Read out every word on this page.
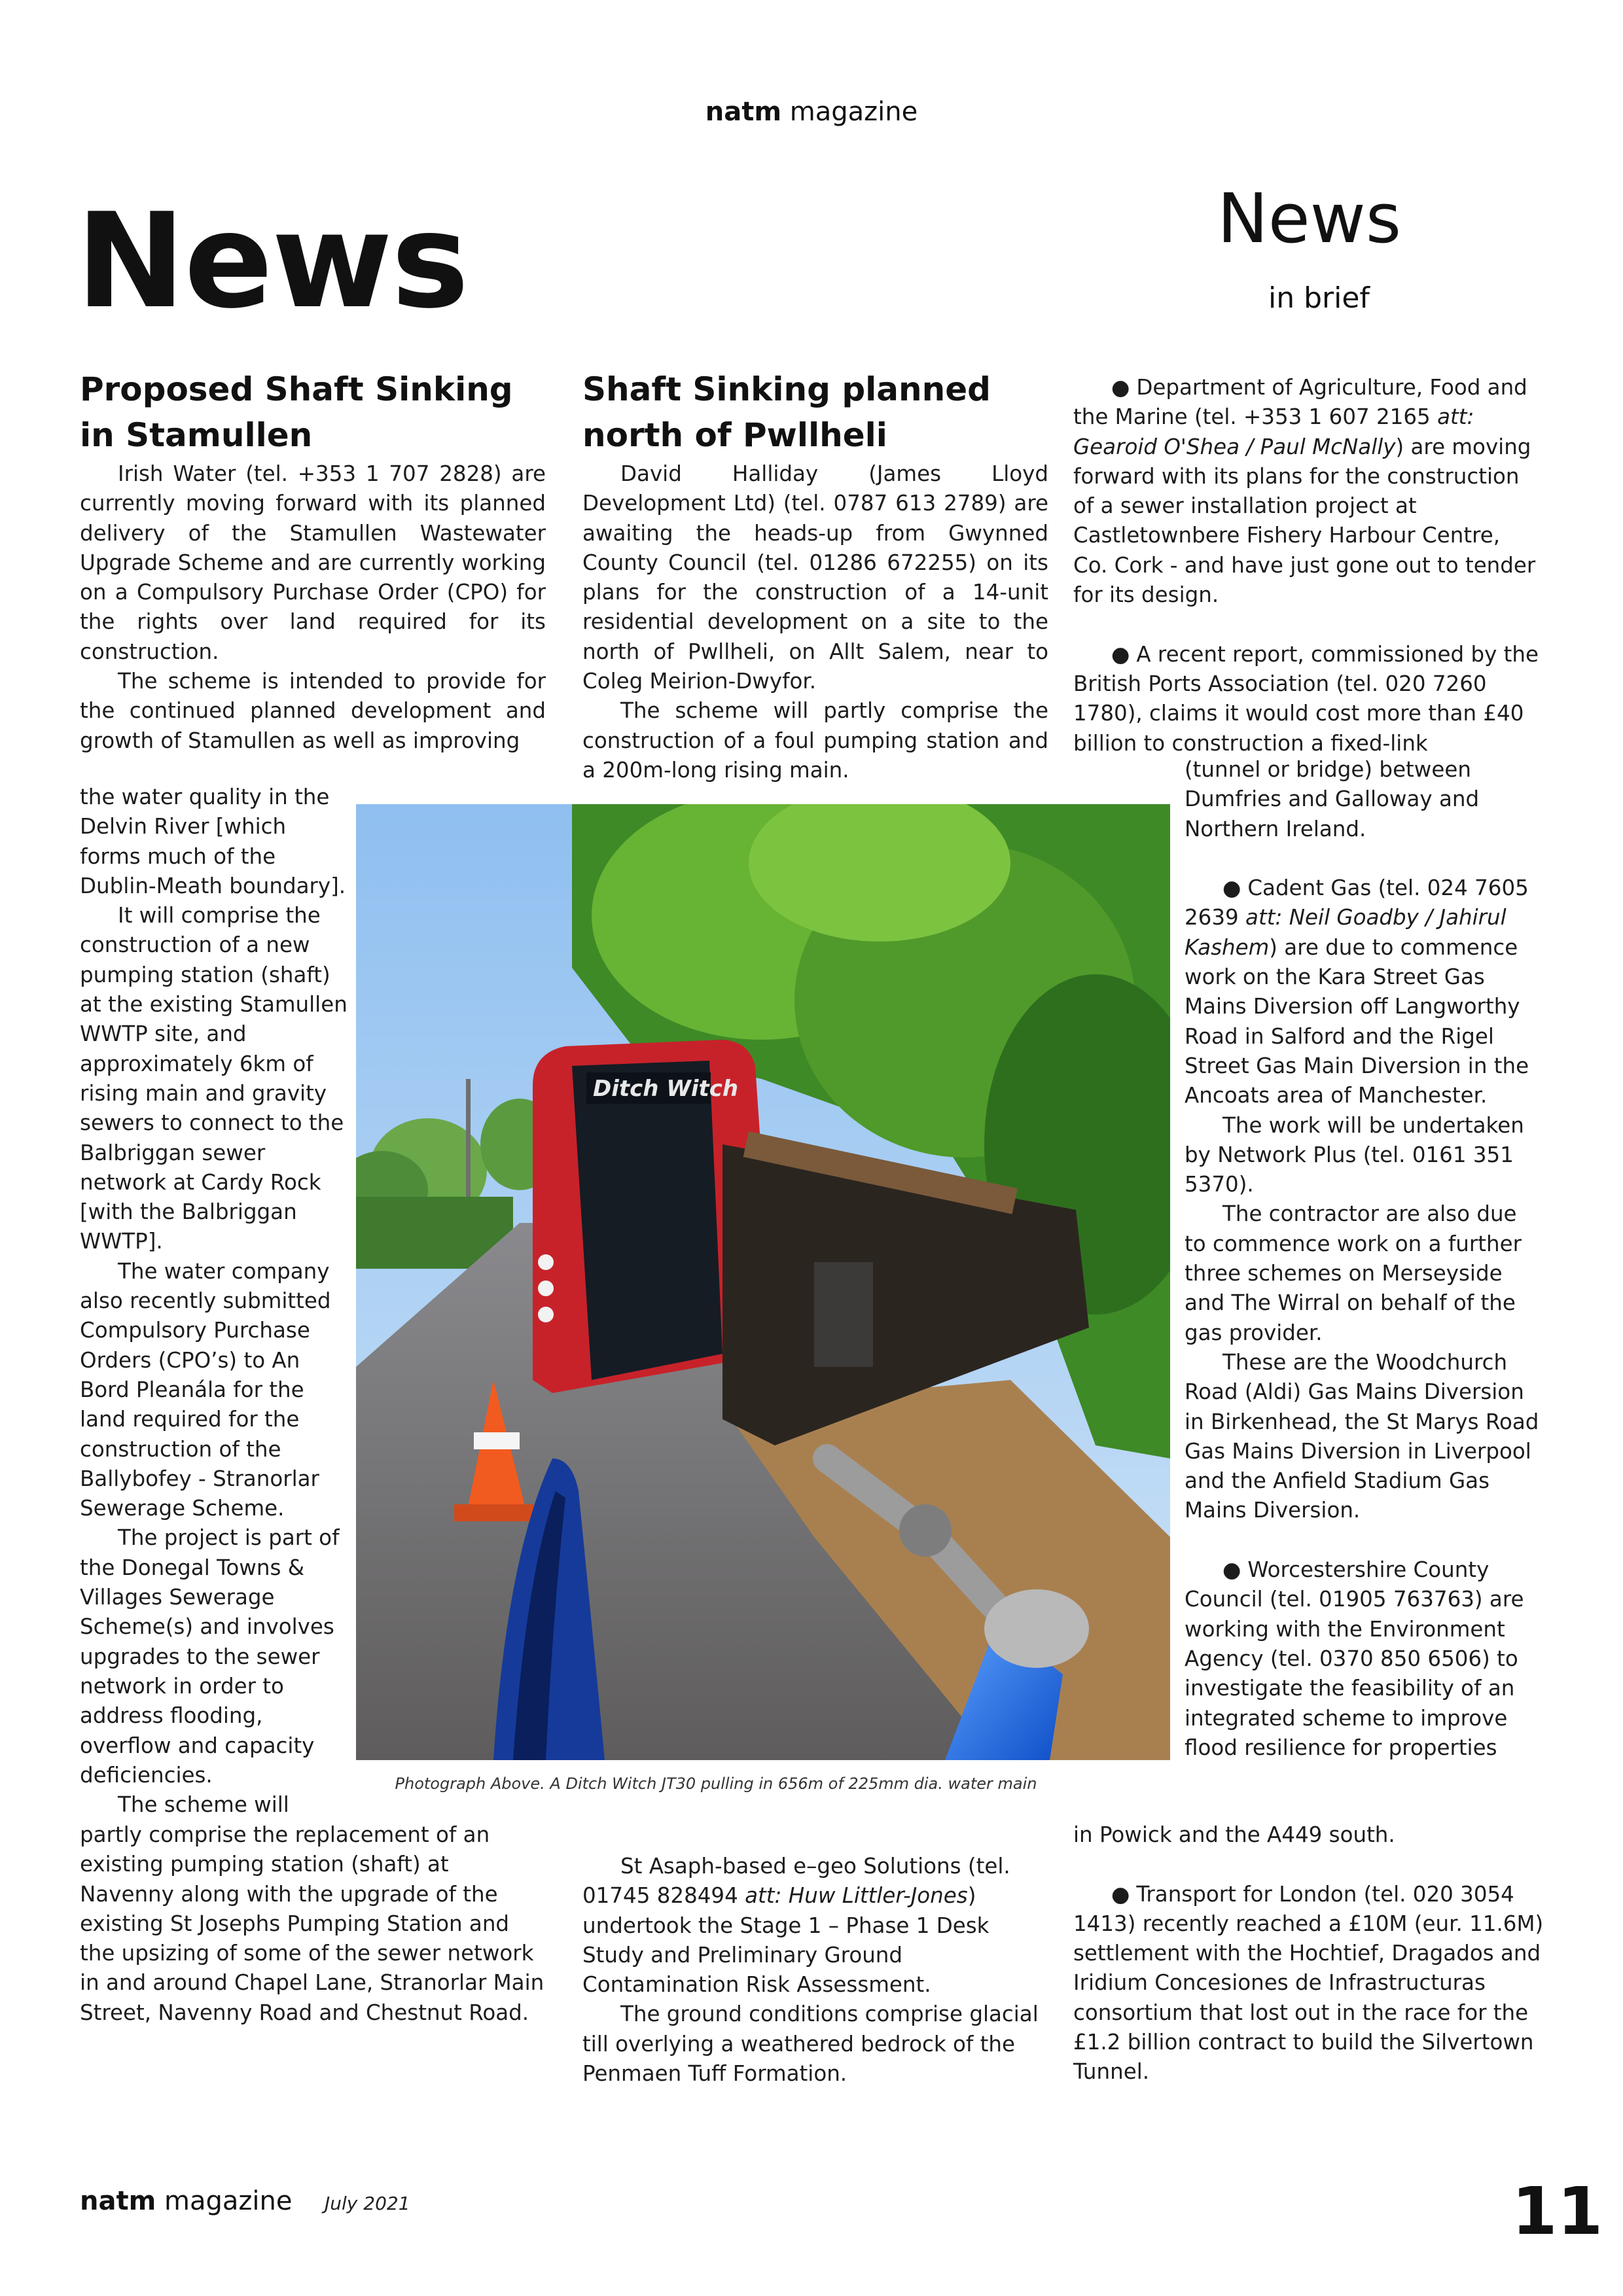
natm magazine
News	News
in brief
Proposed Shaft Sinking
in Stamullen

Irish Water (tel. +353 1 707 2828) are currently moving forward with its planned delivery of the Stamullen Wastewater Upgrade Scheme and are currently working on a Compulsory Purchase Order (CPO) for the rights over land required for its construction.

The scheme is intended to provide for the continued planned development and growth of Stamullen as well as improving

the water quality in the Delvin River [which forms much of the Dublin-Meath boundary].

It will comprise the construction of a new pumping station (shaft) at the existing Stamullen WWTP site, and approximately 6km of rising main and gravity sewers to connect to the Balbriggan sewer network at Cardy Rock [with the Balbriggan WWTP].

The water company also recently submitted Compulsory Purchase Orders (CPO’s) to An Bord Pleanála for the land required for the construction of the Ballybofey - Stranorlar Sewerage Scheme.

The project is part of the Donegal Towns & Villages Sewerage Scheme(s) and involves upgrades to the sewer network in order to address flooding, overflow and capacity deficiencies.

The scheme will

partly comprise the replacement of an existing pumping station (shaft) at Navenny along with the upgrade of the existing St Josephs Pumping Station and the upsizing of some of the sewer network in and around Chapel Lane, Stranorlar Main Street, Navenny Road and Chestnut Road.

Shaft Sinking planned
north of Pwllheli

David Halliday (James Lloyd Development Ltd) (tel. 0787 613 2789) are awaiting the heads-up from Gwynned County Council (tel. 01286 672255) on its plans for the construction of a 14-unit residential development on a site to the north of Pwllheli, on Allt Salem, near to Coleg Meirion-Dwyfor.

The scheme will partly comprise the construction of a foul pumping station and a 200m-long rising main.

St Asaph-based e–geo Solutions (tel. 01745 828494 att: Huw Littler-Jones) undertook the Stage 1 – Phase 1 Desk Study and Preliminary Ground Contamination Risk Assessment.

The ground conditions comprise glacial till overlying a weathered bedrock of the Penmaen Tuff Formation.

Ditch Witch
Photograph Above. A Ditch Witch JT30 pulling in 656m of 225mm dia. water main

● Department of Agriculture, Food and the Marine (tel. +353 1 607 2165 att: Gearoid O'Shea / Paul McNally) are moving forward with its plans for the construction of a sewer installation project at Castletownbere Fishery Harbour Centre, Co. Cork - and have just gone out to tender for its design.

● A recent report, commissioned by the British Ports Association (tel. 020 7260 1780), claims it would cost more than £40 billion to construction a fixed-link

(tunnel or bridge) between Dumfries and Galloway and Northern Ireland.

● Cadent Gas (tel. 024 7605 2639 att: Neil Goadby / Jahirul Kashem) are due to commence work on the Kara Street Gas Mains Diversion off Langworthy Road in Salford and the Rigel Street Gas Main Diversion in the Ancoats area of Manchester.

The work will be undertaken by Network Plus (tel. 0161 351 5370).

The contractor are also due to commence work on a further three schemes on Merseyside and The Wirral on behalf of the gas provider.

These are the Woodchurch Road (Aldi) Gas Mains Diversion in Birkenhead, the St Marys Road Gas Mains Diversion in Liverpool and the Anfield Stadium Gas Mains Diversion.

● Worcestershire County Council (tel. 01905 763763) are working with the Environment Agency (tel. 0370 850 6506) to investigate the feasibility of an integrated scheme to improve flood resilience for properties

in Powick and the A449 south.

● Transport for London (tel. 020 3054 1413) recently reached a £10M (eur. 11.6M) settlement with the Hochtief, Dragados and Iridium Concesiones de Infrastructuras consortium that lost out in the race for the £1.2 billion contract to build the Silvertown Tunnel.

natm magazine July 2021	11
